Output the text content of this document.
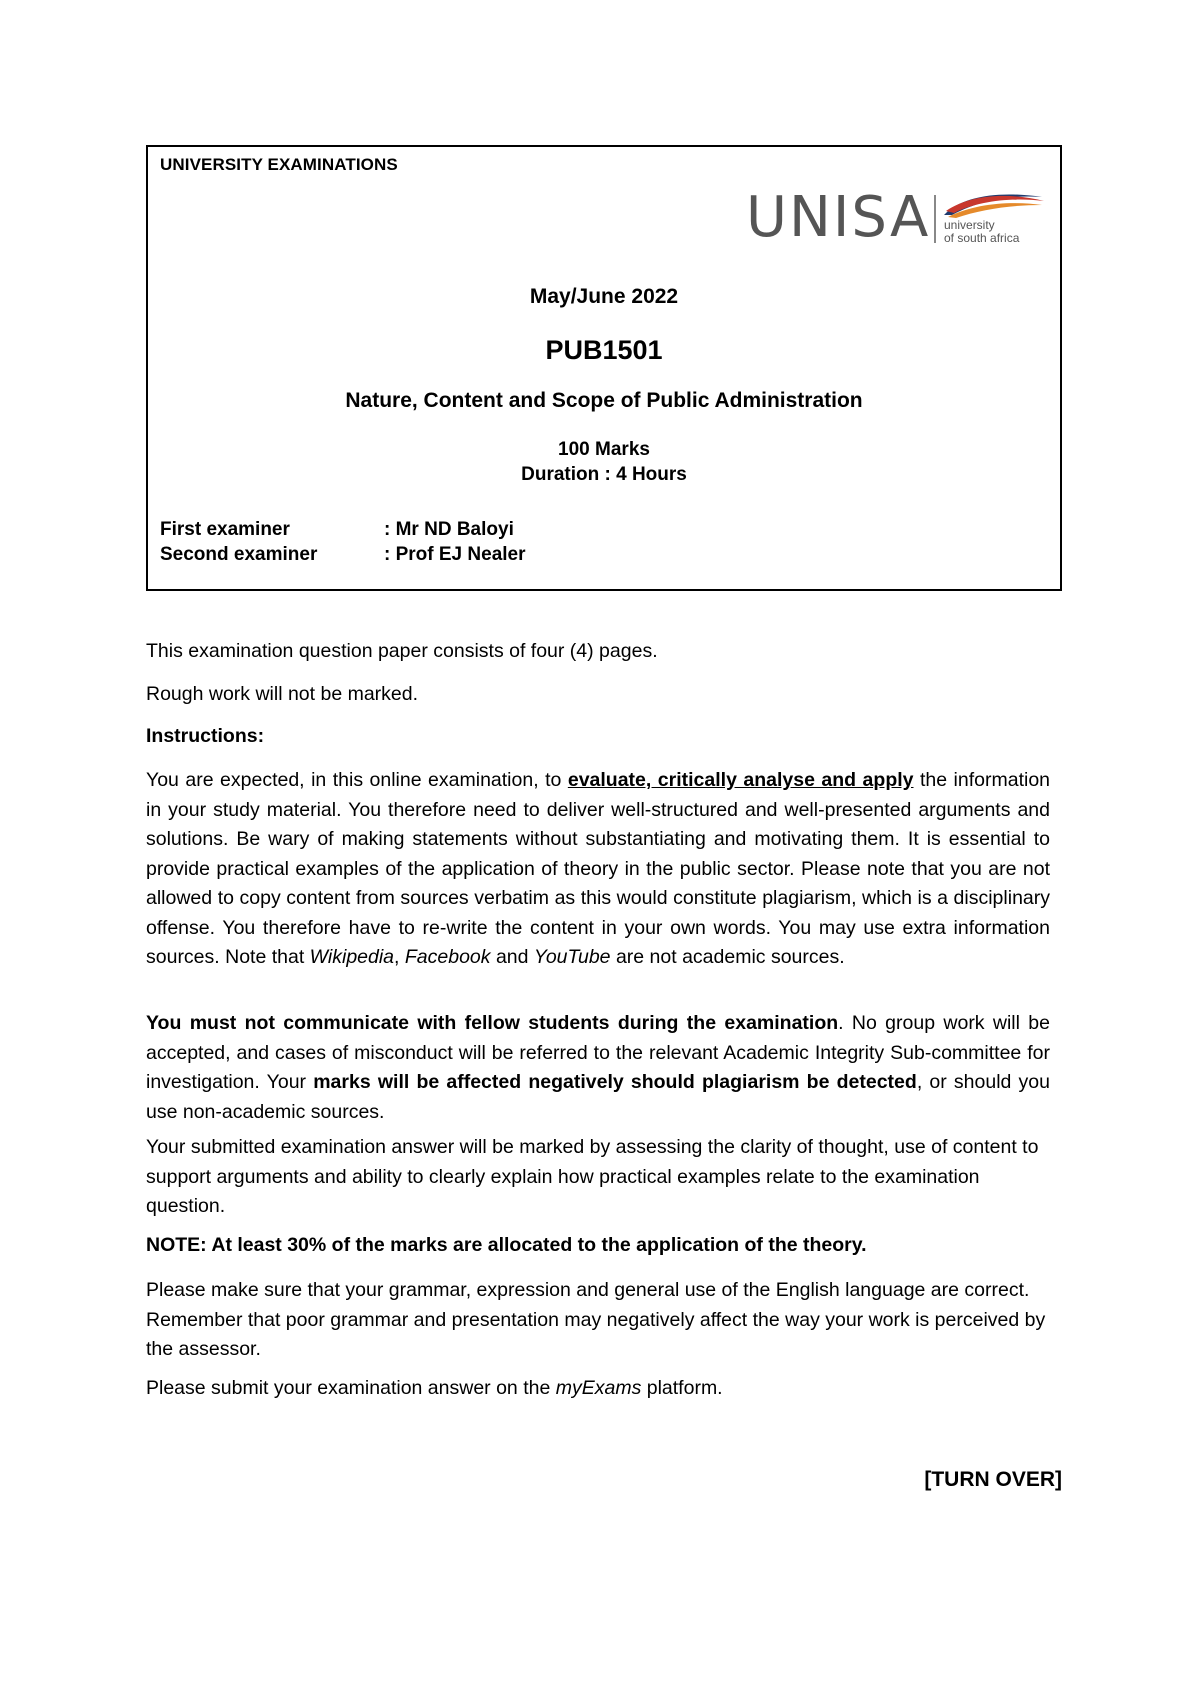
UNIVERSITY EXAMINATIONS
UNISA university
of south africa
May/June 2022
PUB1501
Nature, Content and Scope of Public Administration
100 Marks
Duration : 4 Hours
First examiner	: Mr ND Baloyi
Second examiner	: Prof EJ Nealer
This examination question paper consists of four (4) pages.
Rough work will not be marked.
Instructions:

You are expected, in this online examination, to evaluate, critically analyse and apply the information in your study material. You therefore need to deliver well-structured and well-presented arguments and solutions. Be wary of making statements without substantiating and motivating them. It is essential to provide practical examples of the application of theory in the public sector. Please note that you are not allowed to copy content from sources verbatim as this would constitute plagiarism, which is a disciplinary offense. You therefore have to re-write the content in your own words. You may use extra information sources. Note that Wikipedia, Facebook and YouTube are not academic sources.

You must not communicate with fellow students during the examination. No group work will be accepted, and cases of misconduct will be referred to the relevant Academic Integrity Sub-committee for investigation. Your marks will be affected negatively should plagiarism be detected, or should you use non-academic sources.

Your submitted examination answer will be marked by assessing the clarity of thought, use of content to support arguments and ability to clearly explain how practical examples relate to the examination question.
NOTE: At least 30% of the marks are allocated to the application of the theory.
Please make sure that your grammar, expression and general use of the English language are correct. Remember that poor grammar and presentation may negatively affect the way your work is perceived by the assessor.

Please submit your examination answer on the myExams platform.

[TURN OVER]
